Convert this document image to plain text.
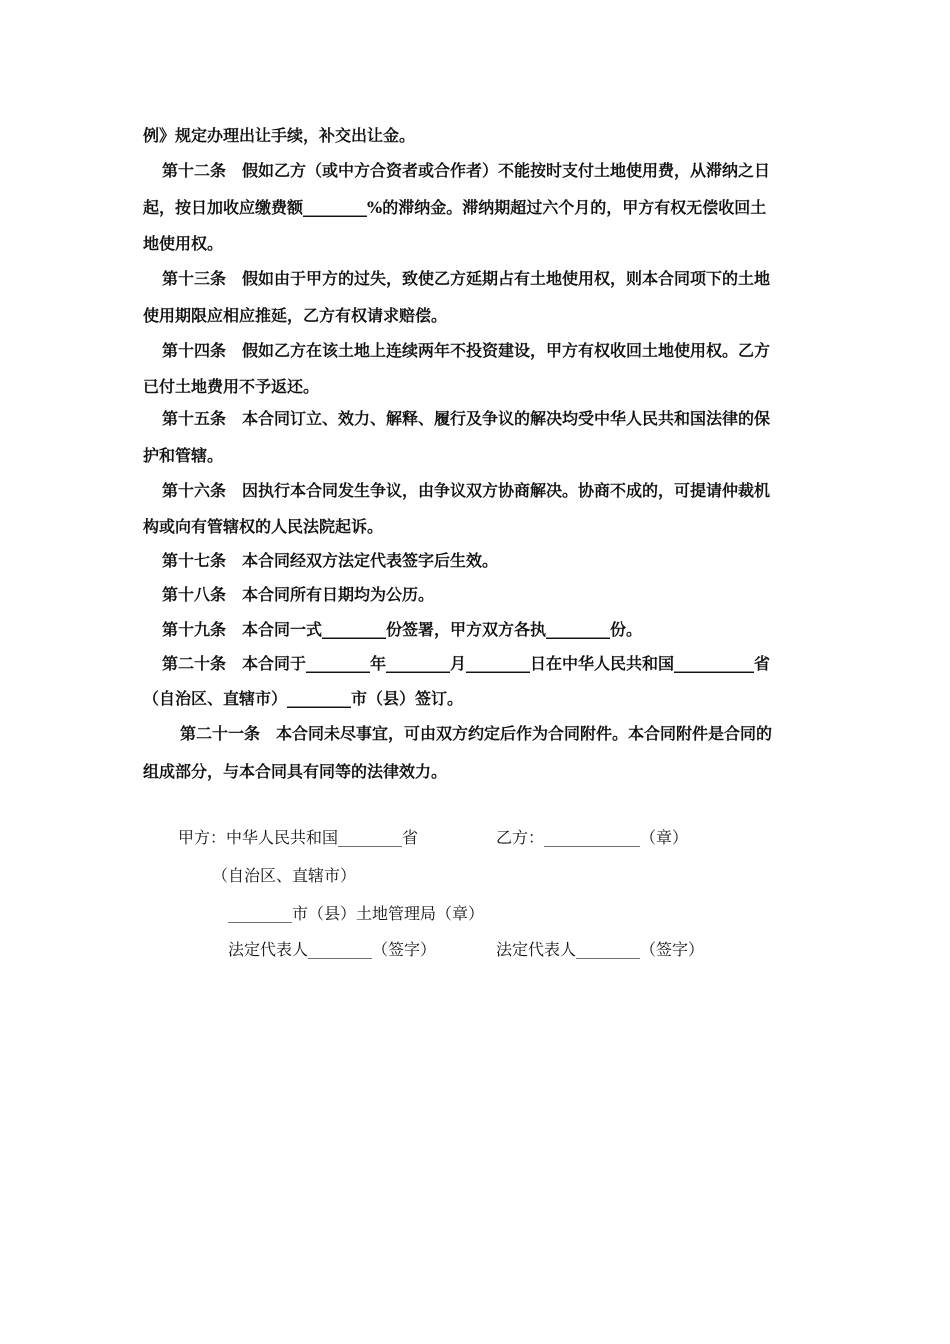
例》规定办理出让手续，补交出让金。
第十二条　假如乙方（或中方合资者或合作者）不能按时支付土地使用费，从滞纳之日
起，按日加收应缴费额________%的滞纳金。滞纳期超过六个月的，甲方有权无偿收回土
地使用权。
第十三条　假如由于甲方的过失，致使乙方延期占有土地使用权，则本合同项下的土地
使用期限应相应推延，乙方有权请求赔偿。
第十四条　假如乙方在该土地上连续两年不投资建设，甲方有权收回土地使用权。乙方
已付土地费用不予返还。
第十五条　本合同订立、效力、解释、履行及争议的解决均受中华人民共和国法律的保
护和管辖。
第十六条　因执行本合同发生争议，由争议双方协商解决。协商不成的，可提请仲裁机
构或向有管辖权的人民法院起诉。
第十七条　本合同经双方法定代表签字后生效。
第十八条　本合同所有日期均为公历。
第十九条　本合同一式________份签署，甲方双方各执________份。
第二十条　本合同于________年________月________日在中华人民共和国__________省
（自治区、直辖市）________市（县）签订。
第二十一条　本合同未尽事宜，可由双方约定后作为合同附件。本合同附件是合同的
组成部分，与本合同具有同等的法律效力。
甲方：中华人民共和国________省	乙方：____________（章）
（自治区、直辖市）
________市（县）土地管理局（章）
法定代表人________（签字）	法定代表人________（签字）
